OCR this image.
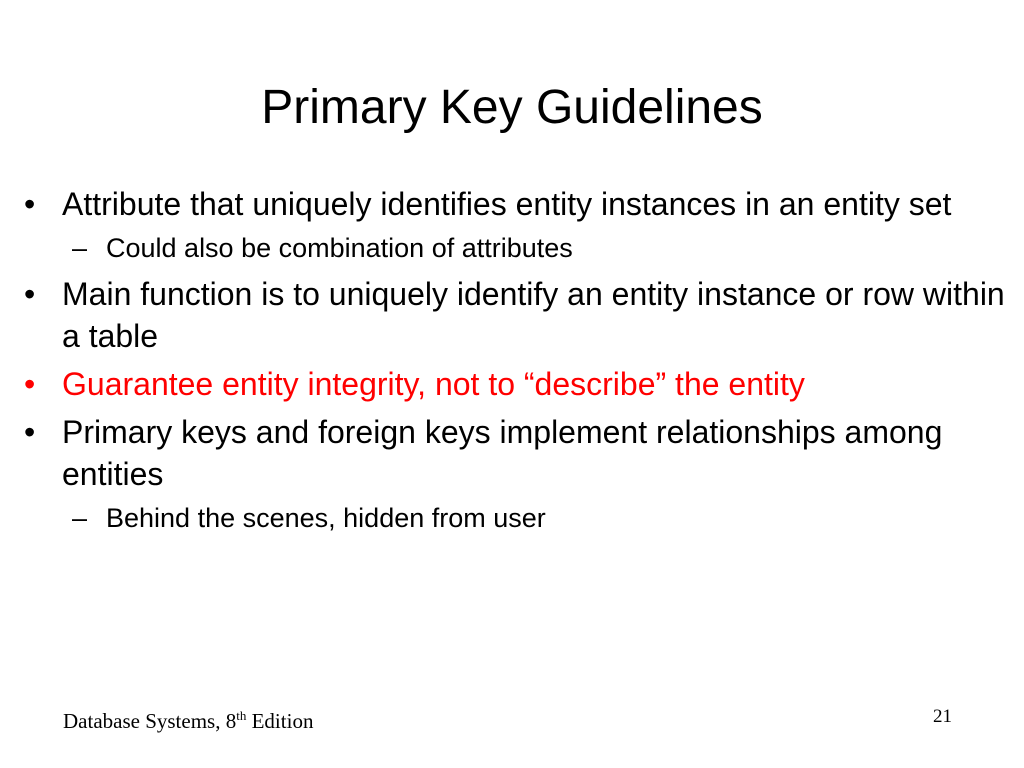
Primary Key Guidelines
• Attribute that uniquely identifies entity instances in an entity set
– Could also be combination of attributes
• Main function is to uniquely identify an entity instance or row within a table
• Guarantee entity integrity, not to “describe” the entity
• Primary keys and foreign keys implement relationships among entities
– Behind the scenes, hidden from user
Database Systems, 8th Edition	21
